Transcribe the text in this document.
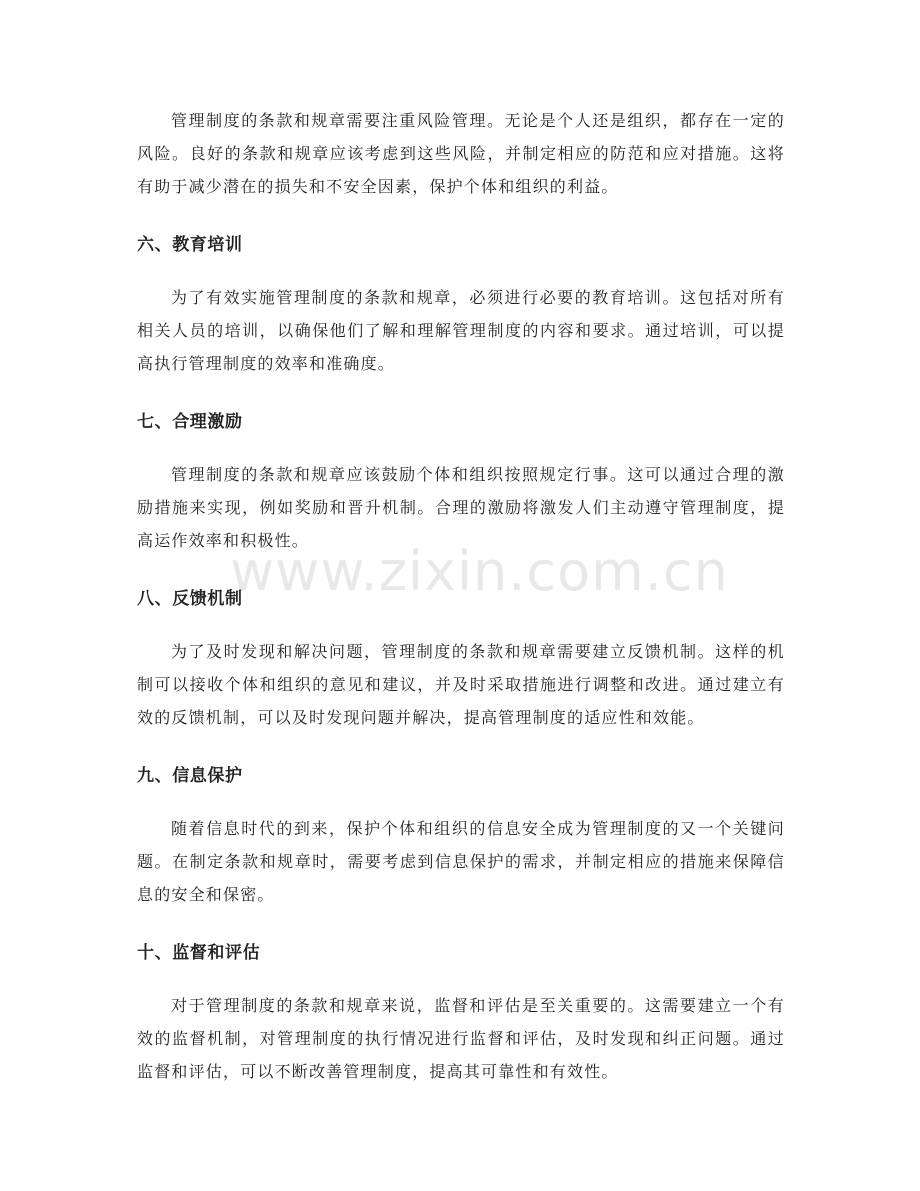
管理制度的条款和规章需要注重风险管理。无论是个人还是组织，都存在一定的风险。良好的条款和规章应该考虑到这些风险，并制定相应的防范和应对措施。这将有助于减少潜在的损失和不安全因素，保护个体和组织的利益。

六、教育培训

为了有效实施管理制度的条款和规章，必须进行必要的教育培训。这包括对所有相关人员的培训，以确保他们了解和理解管理制度的内容和要求。通过培训，可以提高执行管理制度的效率和准确度。

七、合理激励

管理制度的条款和规章应该鼓励个体和组织按照规定行事。这可以通过合理的激励措施来实现，例如奖励和晋升机制。合理的激励将激发人们主动遵守管理制度，提高运作效率和积极性。

八、反馈机制

为了及时发现和解决问题，管理制度的条款和规章需要建立反馈机制。这样的机制可以接收个体和组织的意见和建议，并及时采取措施进行调整和改进。通过建立有效的反馈机制，可以及时发现问题并解决，提高管理制度的适应性和效能。

九、信息保护

随着信息时代的到来，保护个体和组织的信息安全成为管理制度的又一个关键问题。在制定条款和规章时，需要考虑到信息保护的需求，并制定相应的措施来保障信息的安全和保密。

十、监督和评估

对于管理制度的条款和规章来说，监督和评估是至关重要的。这需要建立一个有效的监督机制，对管理制度的执行情况进行监督和评估，及时发现和纠正问题。通过监督和评估，可以不断改善管理制度，提高其可靠性和有效性。

www.zixin.com.cn
